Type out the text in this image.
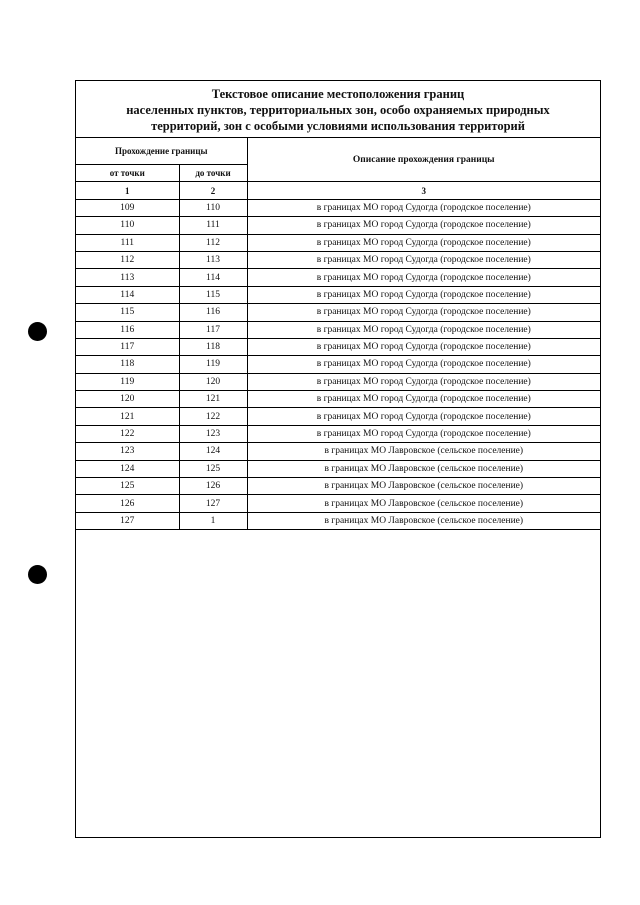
Текстовое описание местоположения границ
населенных пунктов, территориальных зон, особо охраняемых природных
территорий, зон с особыми условиями использования территорий
Прохождение границы		Описание прохождения границы
от точки	до точки	
1	2	3
109	110	в границах МО город Судогда (городское поселение)
110	111	в границах МО город Судогда (городское поселение)
111	112	в границах МО город Судогда (городское поселение)
112	113	в границах МО город Судогда (городское поселение)
113	114	в границах МО город Судогда (городское поселение)
114	115	в границах МО город Судогда (городское поселение)
115	116	в границах МО город Судогда (городское поселение)
116	117	в границах МО город Судогда (городское поселение)
117	118	в границах МО город Судогда (городское поселение)
118	119	в границах МО город Судогда (городское поселение)
119	120	в границах МО город Судогда (городское поселение)
120	121	в границах МО город Судогда (городское поселение)
121	122	в границах МО город Судогда (городское поселение)
122	123	в границах МО город Судогда (городское поселение)
123	124	в границах МО Лавровское (сельское поселение)
124	125	в границах МО Лавровское (сельское поселение)
125	126	в границах МО Лавровское (сельское поселение)
126	127	в границах МО Лавровское (сельское поселение)
127	1	в границах МО Лавровское (сельское поселение)
